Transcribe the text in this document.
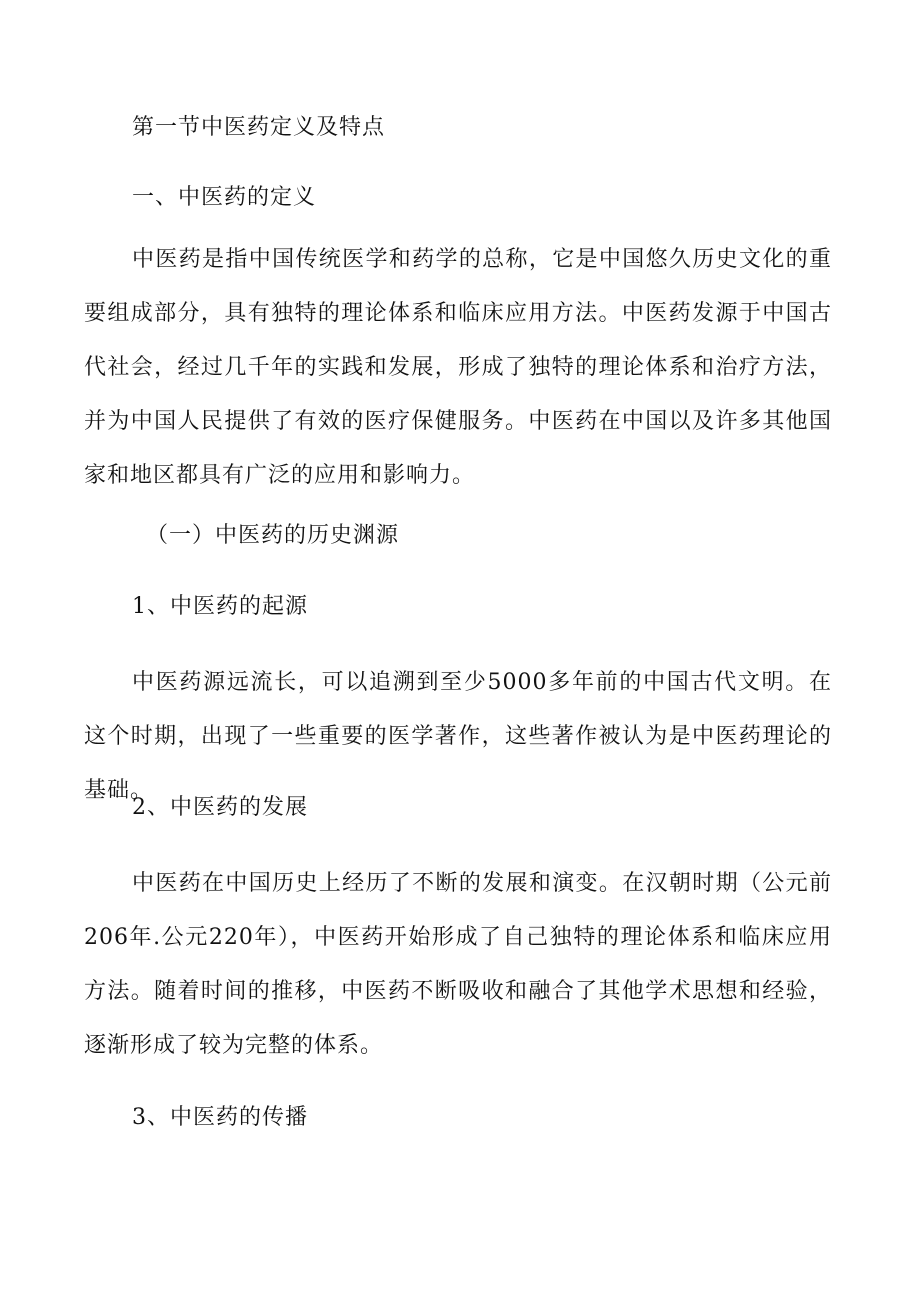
第一节中医药定义及特点
一、中医药的定义
中医药是指中国传统医学和药学的总称，它是中国悠久历史文化的重要组成部分，具有独特的理论体系和临床应用方法。中医药发源于中国古代社会，经过几千年的实践和发展，形成了独特的理论体系和治疗方法，并为中国人民提供了有效的医疗保健服务。中医药在中国以及许多其他国家和地区都具有广泛的应用和影响力。
（一）中医药的历史渊源
1、中医药的起源
中医药源远流长，可以追溯到至少5000多年前的中国古代文明。在这个时期，出现了一些重要的医学著作，这些著作被认为是中医药理论的基础。
2、中医药的发展
中医药在中国历史上经历了不断的发展和演变。在汉朝时期（公元前206年.公元220年），中医药开始形成了自己独特的理论体系和临床应用方法。随着时间的推移，中医药不断吸收和融合了其他学术思想和经验，逐渐形成了较为完整的体系。
3、中医药的传播
